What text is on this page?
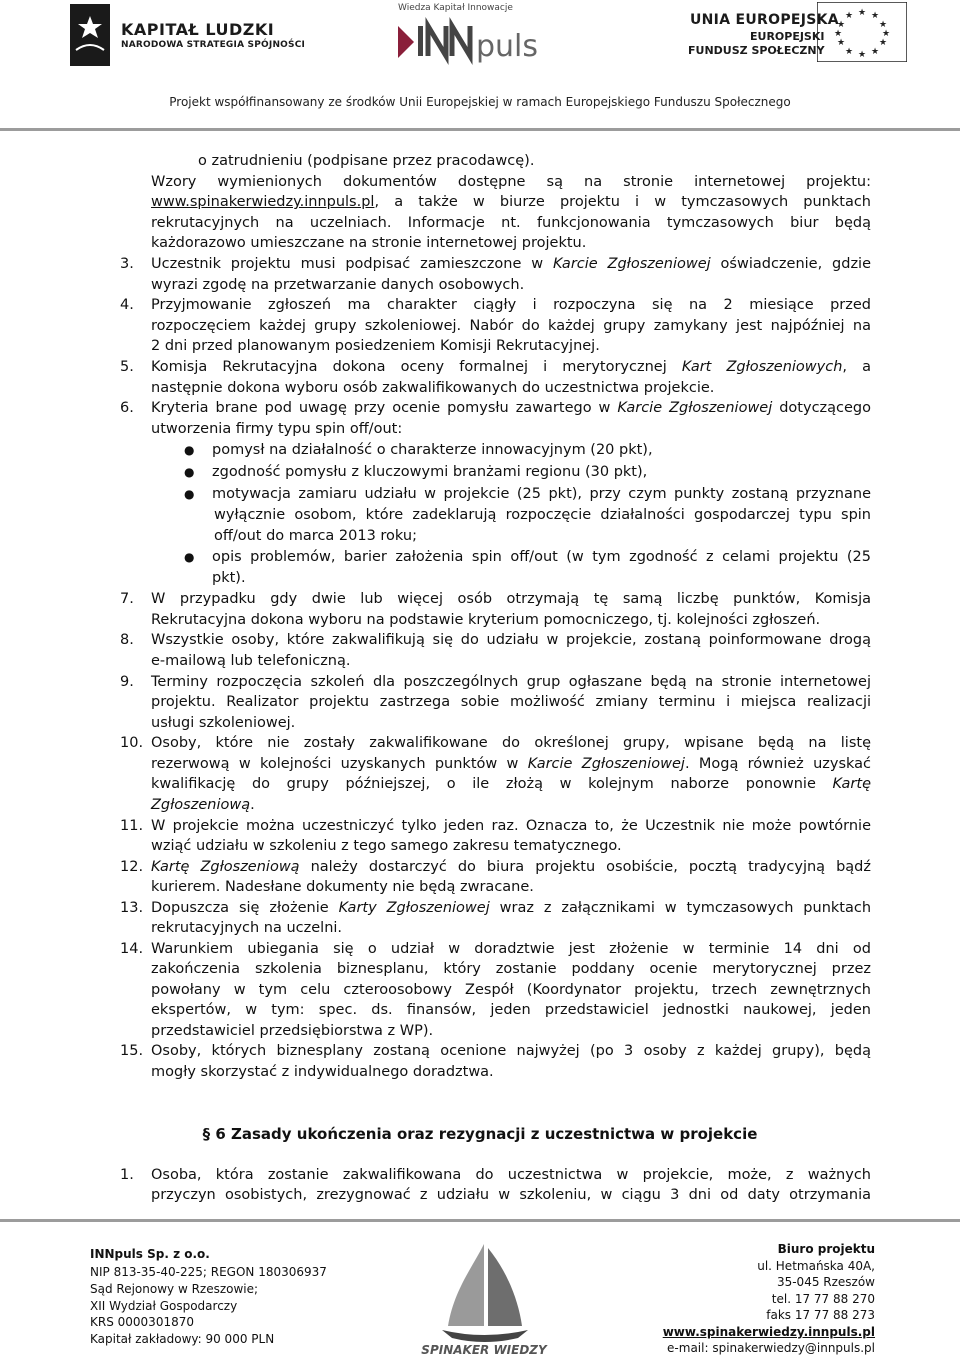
KAPITAŁ LUDZKI
NARODOWA STRATEGIA SPÓJNOŚCI
Wiedza Kapitał Innowacje
puls
UNIA EUROPEJSKA
EUROPEJSKI
FUNDUSZ SPOŁECZNY
★ ★
★
★
★
★
★
★
★
★
★
★
Projekt współfinansowany ze środków Unii Europejskiej w ramach Europejskiego Funduszu Społecznego
o zatrudnieniu (podpisane przez pracodawcę).
Wzory wymienionych dokumentów dostępne są na stronie internetowej projektu:
www.spinakerwiedzy.innpuls.pl, a także w biurze projektu i w tymczasowych punktach
rekrutacyjnych na uczelniach. Informacje nt. funkcjonowania tymczasowych biur będą
każdorazowo umieszczane na stronie internetowej projektu.
3. Uczestnik projektu musi podpisać zamieszczone w Karcie Zgłoszeniowej oświadczenie, gdzie
wyrazi zgodę na przetwarzanie danych osobowych.
4. Przyjmowanie zgłoszeń ma charakter ciągły i rozpoczyna się na 2 miesiące przed
rozpoczęciem każdej grupy szkoleniowej. Nabór do każdej grupy zamykany jest najpóźniej na
2 dni przed planowanym posiedzeniem Komisji Rekrutacyjnej.
5. Komisja Rekrutacyjna dokona oceny formalnej i merytorycznej Kart Zgłoszeniowych, a
następnie dokona wyboru osób zakwalifikowanych do uczestnictwa projekcie.
6. Kryteria brane pod uwagę przy ocenie pomysłu zawartego w Karcie Zgłoszeniowej dotyczącego
utworzenia firmy typu spin off/out:
● pomysł na działalność o charakterze innowacyjnym (20 pkt),
● zgodność pomysłu z kluczowymi branżami regionu (30 pkt),
● motywacja zamiaru udziału w projekcie (25 pkt), przy czym punkty zostaną przyznane
wyłącznie osobom, które zadeklarują rozpoczęcie działalności gospodarczej typu spin
off/out do marca 2013 roku;
● opis problemów, barier założenia spin off/out (w tym zgodność z celami projektu (25
pkt).
7. W przypadku gdy dwie lub więcej osób otrzymają tę samą liczbę punktów, Komisja
Rekrutacyjna dokona wyboru na podstawie kryterium pomocniczego, tj. kolejności zgłoszeń.
8. Wszystkie osoby, które zakwalifikują się do udziału w projekcie, zostaną poinformowane drogą
e-mailową lub telefoniczną.
9. Terminy rozpoczęcia szkoleń dla poszczególnych grup ogłaszane będą na stronie internetowej
projektu. Realizator projektu zastrzega sobie możliwość zmiany terminu i miejsca realizacji
usługi szkoleniowej.
10. Osoby, które nie zostały zakwalifikowane do określonej grupy, wpisane będą na listę
rezerwową w kolejności uzyskanych punktów w Karcie Zgłoszeniowej. Mogą również uzyskać
kwalifikację do grupy późniejszej, o ile złożą w kolejnym naborze ponownie Kartę
Zgłoszeniową.
11. W projekcie można uczestniczyć tylko jeden raz. Oznacza to, że Uczestnik nie może powtórnie
wziąć udziału w szkoleniu z tego samego zakresu tematycznego.
12. Kartę Zgłoszeniową należy dostarczyć do biura projektu osobiście, pocztą tradycyjną bądź
kurierem. Nadesłane dokumenty nie będą zwracane.
13. Dopuszcza się złożenie Karty Zgłoszeniowej wraz z załącznikami w tymczasowych punktach
rekrutacyjnych na uczelni.
14. Warunkiem ubiegania się o udział w doradztwie jest złożenie w terminie 14 dni od
zakończenia szkolenia biznesplanu, który zostanie poddany ocenie merytorycznej przez
powołany w tym celu czteroosobowy Zespół (Koordynator projektu, trzech zewnętrznych
ekspertów, w tym: spec. ds. finansów, jeden przedstawiciel jednostki naukowej, jeden
przedstawiciel przedsiębiorstwa z WP).
15. Osoby, których biznesplany zostaną ocenione najwyżej (po 3 osoby z każdej grupy), będą
mogły skorzystać z indywidualnego doradztwa.
§ 6 Zasady ukończenia oraz rezygnacji z uczestnictwa w projekcie
1. Osoba, która zostanie zakwalifikowana do uczestnictwa w projekcie, może, z ważnych
przyczyn osobistych, zrezygnować z udziału w szkoleniu, w ciągu 3 dni od daty otrzymania
INNpuls Sp. z o.o.
NIP 813-35-40-225; REGON 180306937
Sąd Rejonowy w Rzeszowie;
XII Wydział Gospodarczy
KRS 0000301870
Kapitał zakładowy: 90 000 PLN
SPINAKER WIEDZY
Biuro projektu
ul. Hetmańska 40A,
35-045 Rzeszów
tel. 17 77 88 270
faks 17 77 88 273
www.spinakerwiedzy.innpuls.pl
e-mail: spinakerwiedzy@innpuls.pl
